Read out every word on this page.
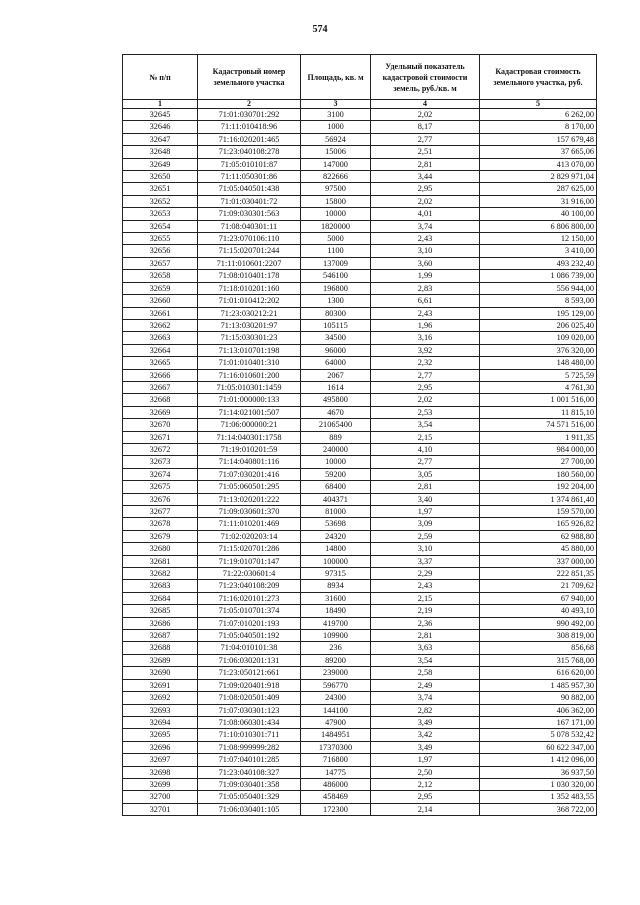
574
№ п/п	Кадастровый номер земельного участка	Площадь, кв. м	Удельный показатель кадастровой стоимости земель, руб./кв. м	Кадастровая стоимость земельного участка, руб.
1	2	3	4	5
32645	71:01:030701:292	3100	2,02	6 262,00
32646	71:11:010418:96	1000	8,17	8 170,00
32647	71:16:020201:465	56924	2,77	157 679,48
32648	71:23:040108:278	15006	2,51	37 665,06
32649	71:05:010101:87	147000	2,81	413 070,00
32650	71:11:050301:86	822666	3,44	2 829 971,04
32651	71:05:040501:438	97500	2,95	287 625,00
32652	71:01:030401:72	15800	2,02	31 916,00
32653	71:09:030301:563	10000	4,01	40 100,00
32654	71:08:040301:11	1820000	3,74	6 806 800,00
32655	71:23:070106:110	5000	2,43	12 150,00
32656	71:15:020701:244	1100	3,10	3 410,00
32657	71:11:010601:2207	137009	3,60	493 232,40
32658	71:08:010401:178	546100	1,99	1 086 739,00
32659	71:18:010201:160	196800	2,83	556 944,00
32660	71:01:010412:202	1300	6,61	8 593,00
32661	71:23:030212:21	80300	2,43	195 129,00
32662	71:13:030201:97	105115	1,96	206 025,40
32663	71:15:030301:23	34500	3,16	109 020,00
32664	71:13:010701:198	96000	3,92	376 320,00
32665	71:01:010401:310	64000	2,32	148 480,00
32666	71:16:010601:200	2067	2,77	5 725,59
32667	71:05:010301:1459	1614	2,95	4 761,30
32668	71:01:000000:133	495800	2,02	1 001 516,00
32669	71:14:021001:507	4670	2,53	11 815,10
32670	71:06:000000:21	21065400	3,54	74 571 516,00
32671	71:14:040301:1758	889	2,15	1 911,35
32672	71:19:010201:59	240000	4,10	984 000,00
32673	71:14:040801:116	10000	2,77	27 700,00
32674	71:07:030201:416	59200	3,05	180 560,00
32675	71:05:060501:295	68400	2,81	192 204,00
32676	71:13:020201:222	404371	3,40	1 374 861,40
32677	71:09:030601:370	81000	1,97	159 570,00
32678	71:11:010201:469	53698	3,09	165 926,82
32679	71:02:020203:14	24320	2,59	62 988,80
32680	71:15:020701:286	14800	3,10	45 880,00
32681	71:19:010701:147	100000	3,37	337 000,00
32682	71:22:030601:4	97315	2,29	222 851,35
32683	71:23:040108:209	8934	2,43	21 709,62
32684	71:16:020101:273	31600	2,15	67 940,00
32685	71:05:010701:374	18490	2,19	40 493,10
32686	71:07:010201:193	419700	2,36	990 492,00
32687	71:05:040501:192	109900	2,81	308 819,00
32688	71:04:010101:38	236	3,63	856,68
32689	71:06:030201:131	89200	3,54	315 768,00
32690	71:23:050121:661	239000	2,58	616 620,00
32691	71:09:020401:918	596770	2,49	1 485 957,30
32692	71:08:020501:409	24300	3,74	90 882,00
32693	71:07:030301:123	144100	2,82	406 362,00
32694	71:08:060301:434	47900	3,49	167 171,00
32695	71:10:010301:711	1484951	3,42	5 078 532,42
32696	71:08:999999:282	17370300	3,49	60 622 347,00
32697	71:07:040101:285	716800	1,97	1 412 096,00
32698	71:23:040108:327	14775	2,50	36 937,50
32699	71:09:030401:358	486000	2,12	1 030 320,00
32700	71:05:050401:329	458469	2,95	1 352 483,55
32701	71:06:030401:105	172300	2,14	368 722,00
